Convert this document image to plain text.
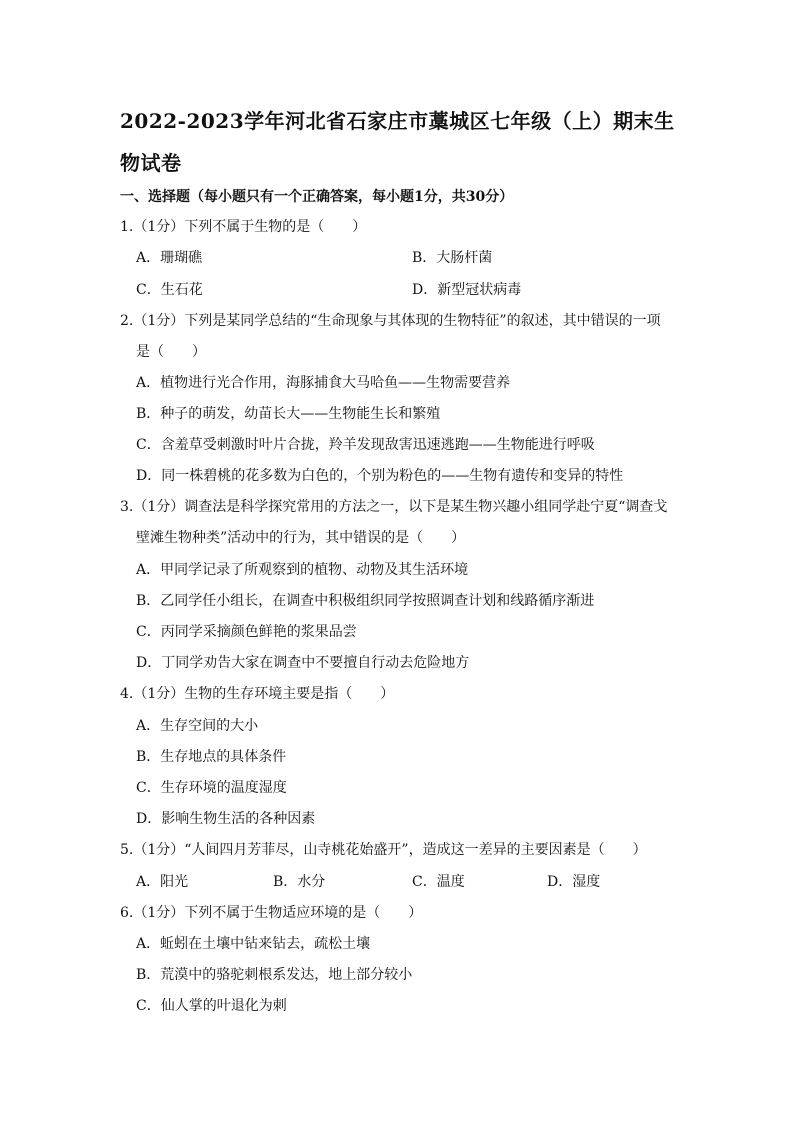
2022-2023学年河北省石家庄市藁城区七年级（上）期末生物试卷
一、选择题（每小题只有一个正确答案，每小题1分，共30分）
1.（1分）下列不属于生物的是（　　）
A．珊瑚礁	B．大肠杆菌
C．生石花	D．新型冠状病毒
2.（1分）下列是某同学总结的“生命现象与其体现的生物特征”的叙述，其中错误的一项
是（　　）
A．植物进行光合作用，海豚捕食大马哈鱼——生物需要营养
B．种子的萌发，幼苗长大——生物能生长和繁殖
C．含羞草受刺激时叶片合拢，羚羊发现敌害迅速逃跑——生物能进行呼吸
D．同一株碧桃的花多数为白色的，个别为粉色的——生物有遗传和变异的特性
3.（1分）调查法是科学探究常用的方法之一，以下是某生物兴趣小组同学赴宁夏“调查戈
壁滩生物种类”活动中的行为，其中错误的是（　　）
A．甲同学记录了所观察到的植物、动物及其生活环境
B．乙同学任小组长，在调查中积极组织同学按照调查计划和线路循序渐进
C．丙同学采摘颜色鲜艳的浆果品尝
D．丁同学劝告大家在调查中不要擅自行动去危险地方
4.（1分）生物的生存环境主要是指（　　）
A．生存空间的大小
B．生存地点的具体条件
C．生存环境的温度湿度
D．影响生物生活的各种因素
5.（1分）“人间四月芳菲尽，山寺桃花始盛开”，造成这一差异的主要因素是（　　）
A．阳光	B．水分	C．温度	D．湿度
6.（1分）下列不属于生物适应环境的是（　　）
A．蚯蚓在土壤中钻来钻去，疏松土壤
B．荒漠中的骆驼刺根系发达，地上部分较小
C．仙人掌的叶退化为刺
